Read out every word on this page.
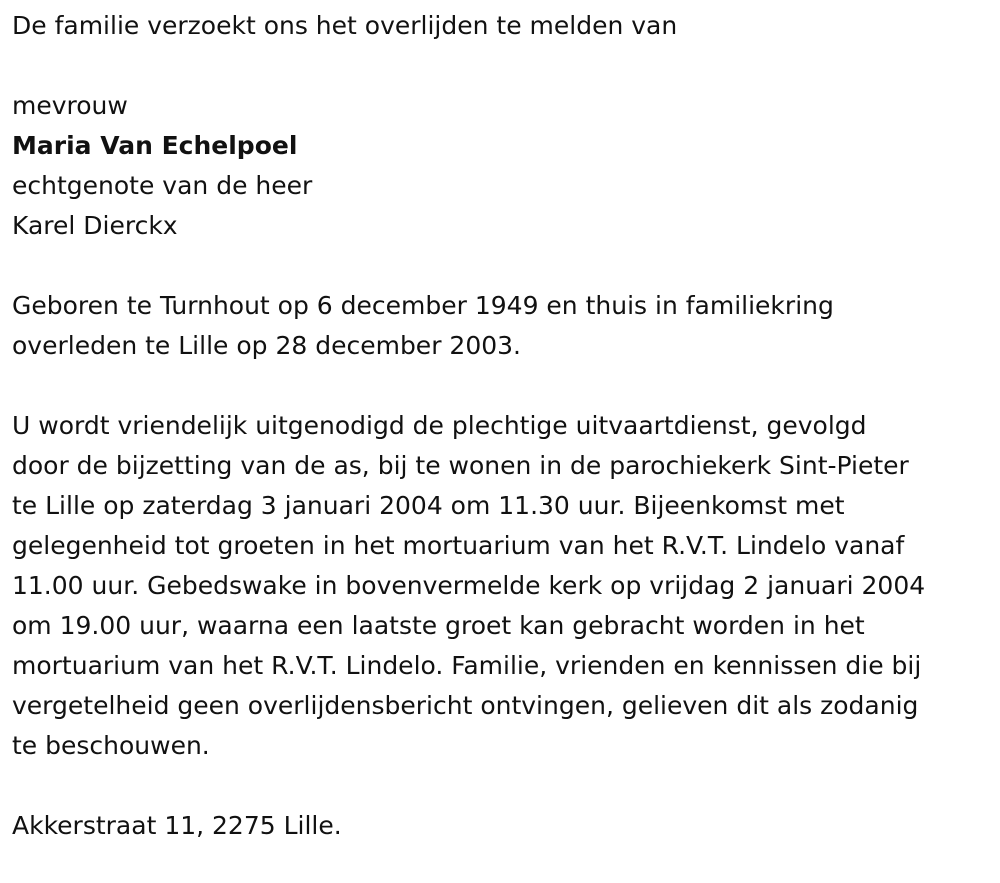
De familie verzoekt ons het overlijden te melden van
mevrouw
Maria Van Echelpoel
echtgenote van de heer
Karel Dierckx
Geboren te Turnhout op 6 december 1949 en thuis in familiekring
overleden te Lille op 28 december 2003.
U wordt vriendelijk uitgenodigd de plechtige uitvaartdienst, gevolgd
door de bijzetting van de as, bij te wonen in de parochiekerk Sint-Pieter
te Lille op zaterdag 3 januari 2004 om 11.30 uur. Bijeenkomst met
gelegenheid tot groeten in het mortuarium van het R.V.T. Lindelo vanaf
11.00 uur. Gebedswake in bovenvermelde kerk op vrijdag 2 januari 2004
om 19.00 uur, waarna een laatste groet kan gebracht worden in het
mortuarium van het R.V.T. Lindelo. Familie, vrienden en kennissen die bij
vergetelheid geen overlijdensbericht ontvingen, gelieven dit als zodanig
te beschouwen.
Akkerstraat 11, 2275 Lille.
